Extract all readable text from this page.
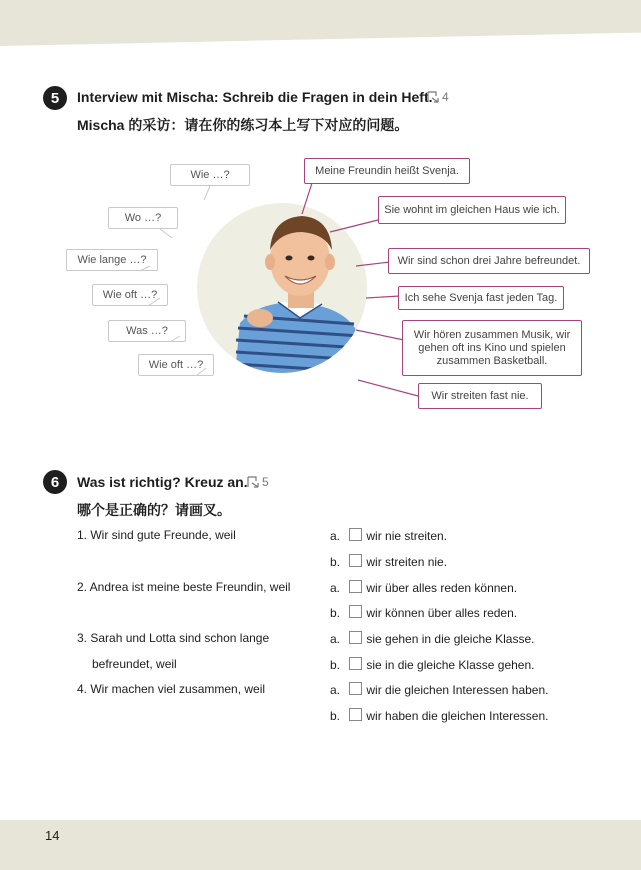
5	Interview mit Mischa: Schreib die Fragen in dein Heft. 4
Mischa 的采访：请在你的练习本上写下对应的问题。
Wie …?
Wo …?
Wie lange …?
Wie oft …?
Was …?
Wie oft …?
Meine Freundin heißt Svenja.
Sie wohnt im gleichen Haus wie ich.
Wir sind schon drei Jahre befreundet.
Ich sehe Svenja fast jeden Tag.
Wir hören zusammen Musik, wir gehen oft ins Kino und spielen zusammen Basketball.
Wir streiten fast nie.
6	Was ist richtig? Kreuz an. 5
哪个是正确的？请画叉。
1. Wir sind gute Freunde, weil	a. wir nie streiten.
b. wir streiten nie.
2. Andrea ist meine beste Freundin, weil	a. wir über alles reden können.
b. wir können über alles reden.
3. Sarah und Lotta sind schon lange
befreundet, weil
a. sie gehen in die gleiche Klasse.
b. sie in die gleiche Klasse gehen.
4. Wir machen viel zusammen, weil	a. wir die gleichen Interessen haben.
b. wir haben die gleichen Interessen.
14
